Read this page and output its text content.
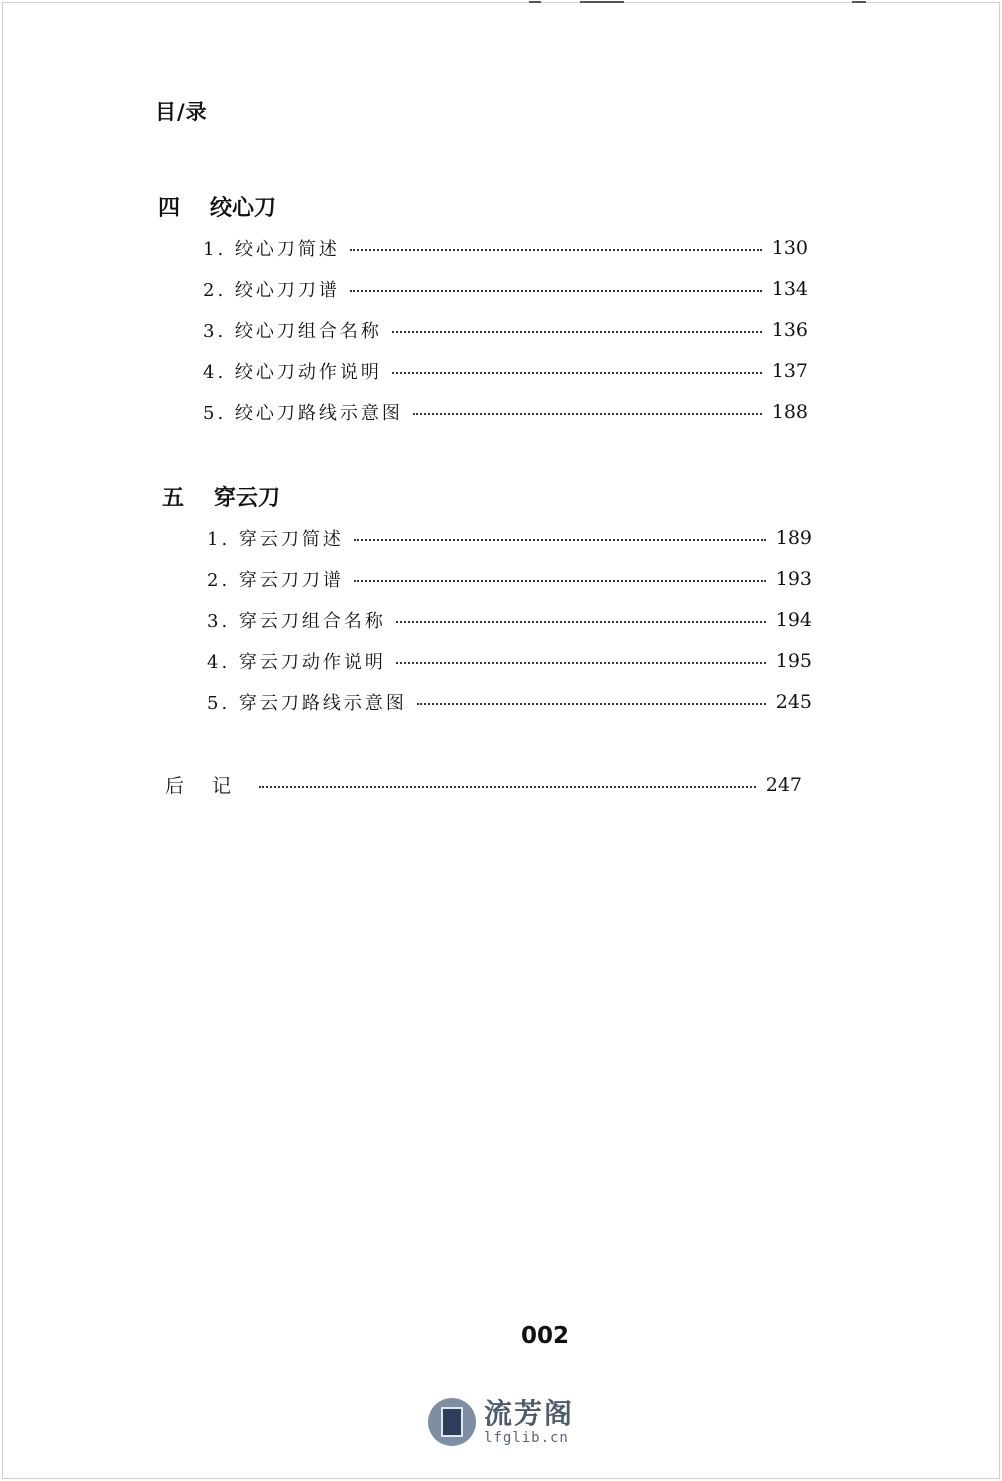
目/录
四	绞心刀
1. 绞心刀简述	130
2. 绞心刀刀谱	134
3. 绞心刀组合名称	136
4. 绞心刀动作说明	137
5. 绞心刀路线示意图	188
五	穿云刀
1. 穿云刀简述	189
2. 穿云刀刀谱	193
3. 穿云刀组合名称	194
4. 穿云刀动作说明	195
5. 穿云刀路线示意图	245
后记	247
002
流芳阁
lfglib.cn
